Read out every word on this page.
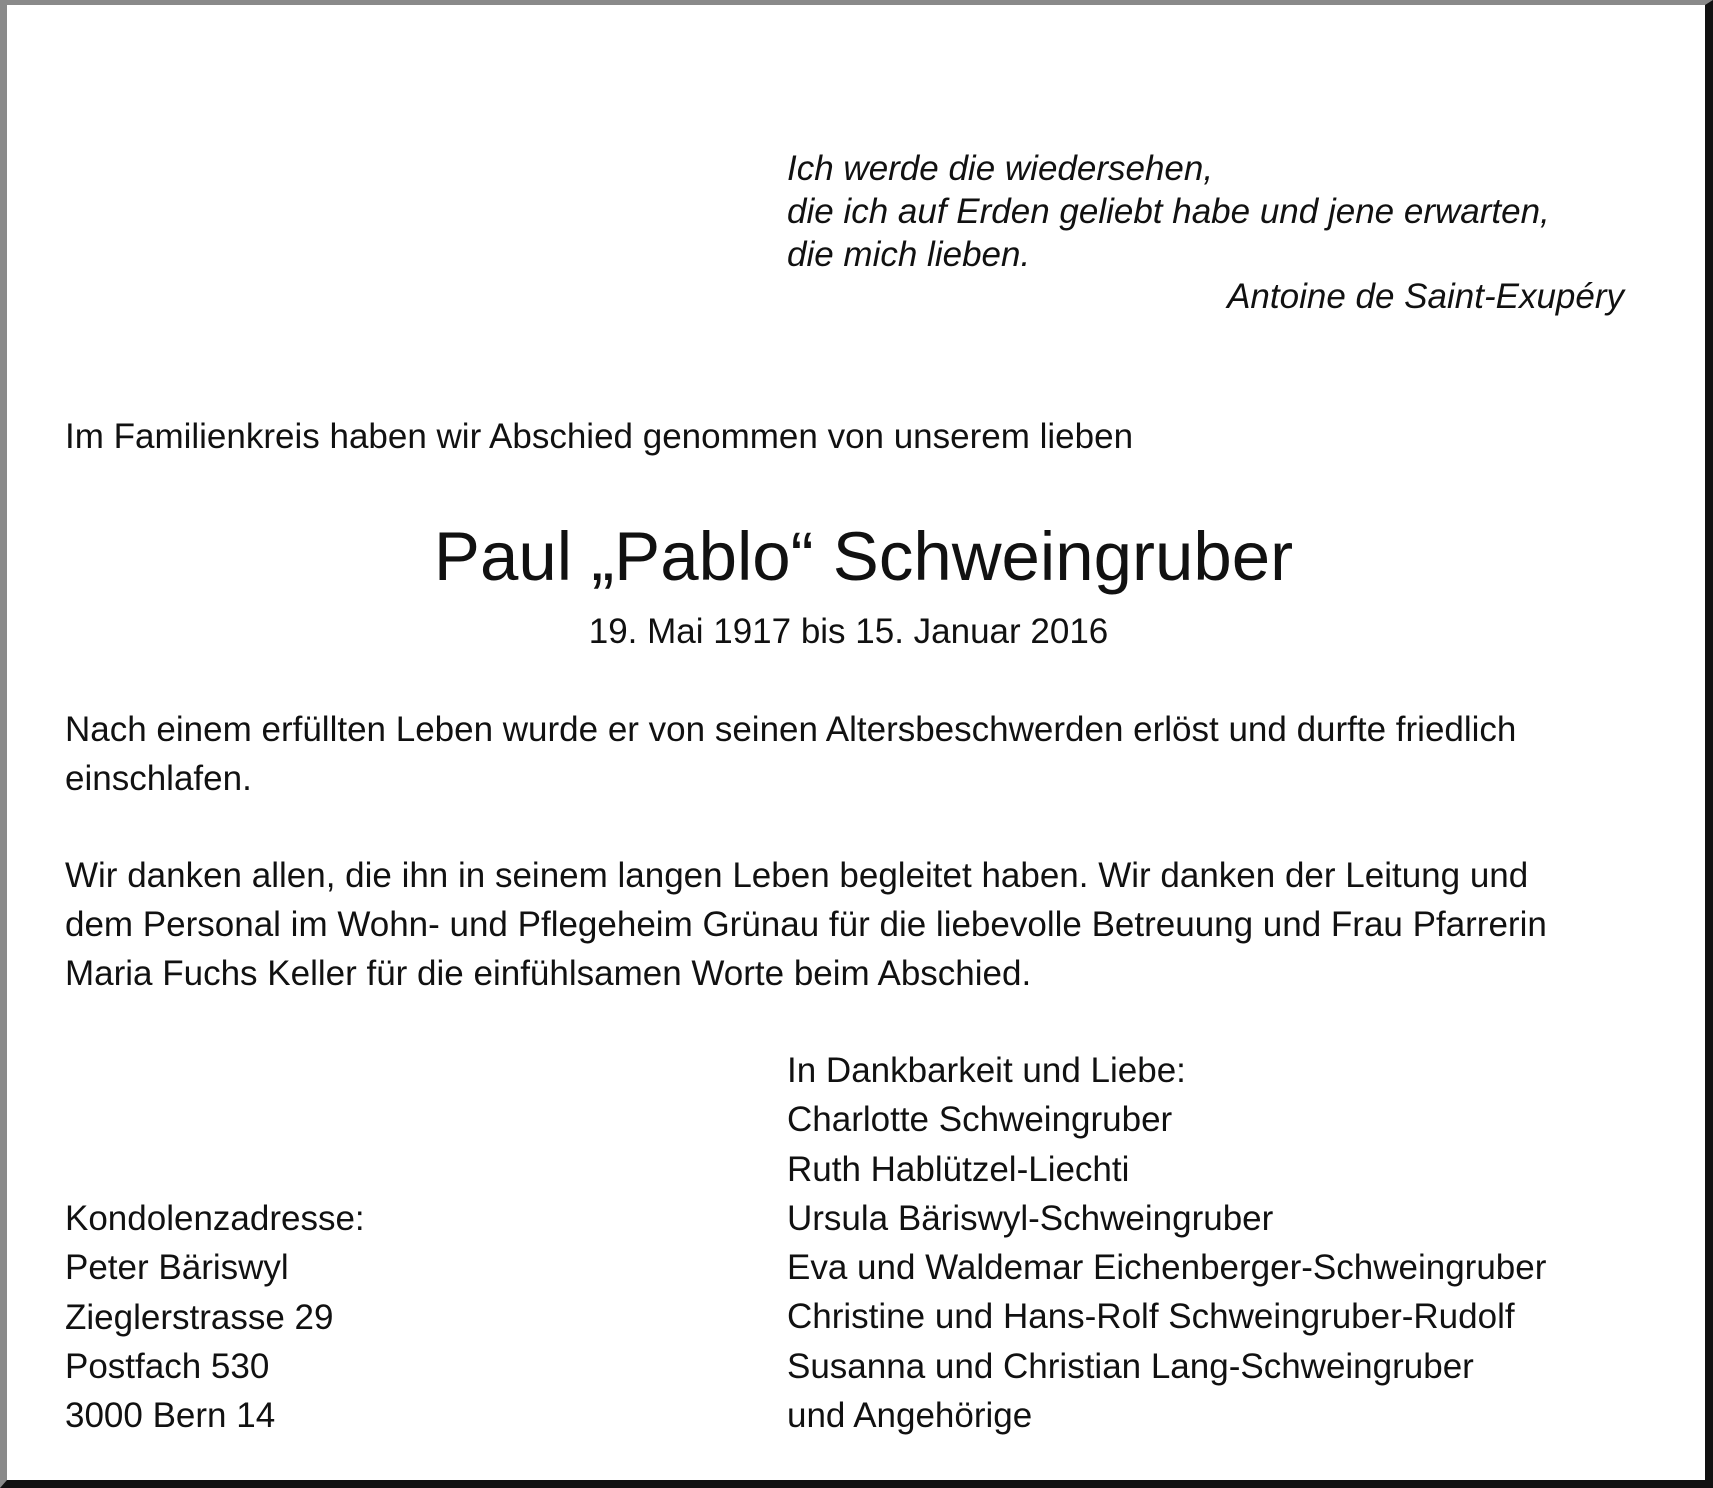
Ich werde die wiedersehen,
die ich auf Erden geliebt habe und jene erwarten,
die mich lieben.
Antoine de Saint-Exupéry
Im Familienkreis haben wir Abschied genommen von unserem lieben
Paul „Pablo“ Schweingruber
19. Mai 1917 bis 15. Januar 2016
Nach einem erfüllten Leben wurde er von seinen Altersbeschwerden erlöst und durfte friedlich
einschlafen.
Wir danken allen, die ihn in seinem langen Leben begleitet haben. Wir danken der Leitung und
dem Personal im Wohn- und Pflegeheim Grünau für die liebevolle Betreuung und Frau Pfarrerin
Maria Fuchs Keller für die einfühlsamen Worte beim Abschied.
In Dankbarkeit und Liebe:
Charlotte Schweingruber
Ruth Hablützel-Liechti
Ursula Bäriswyl-Schweingruber
Eva und Waldemar Eichenberger-Schweingruber
Christine und Hans-Rolf Schweingruber-Rudolf
Susanna und Christian Lang-Schweingruber
und Angehörige
Kondolenzadresse:
Peter Bäriswyl
Zieglerstrasse 29
Postfach 530
3000 Bern 14
